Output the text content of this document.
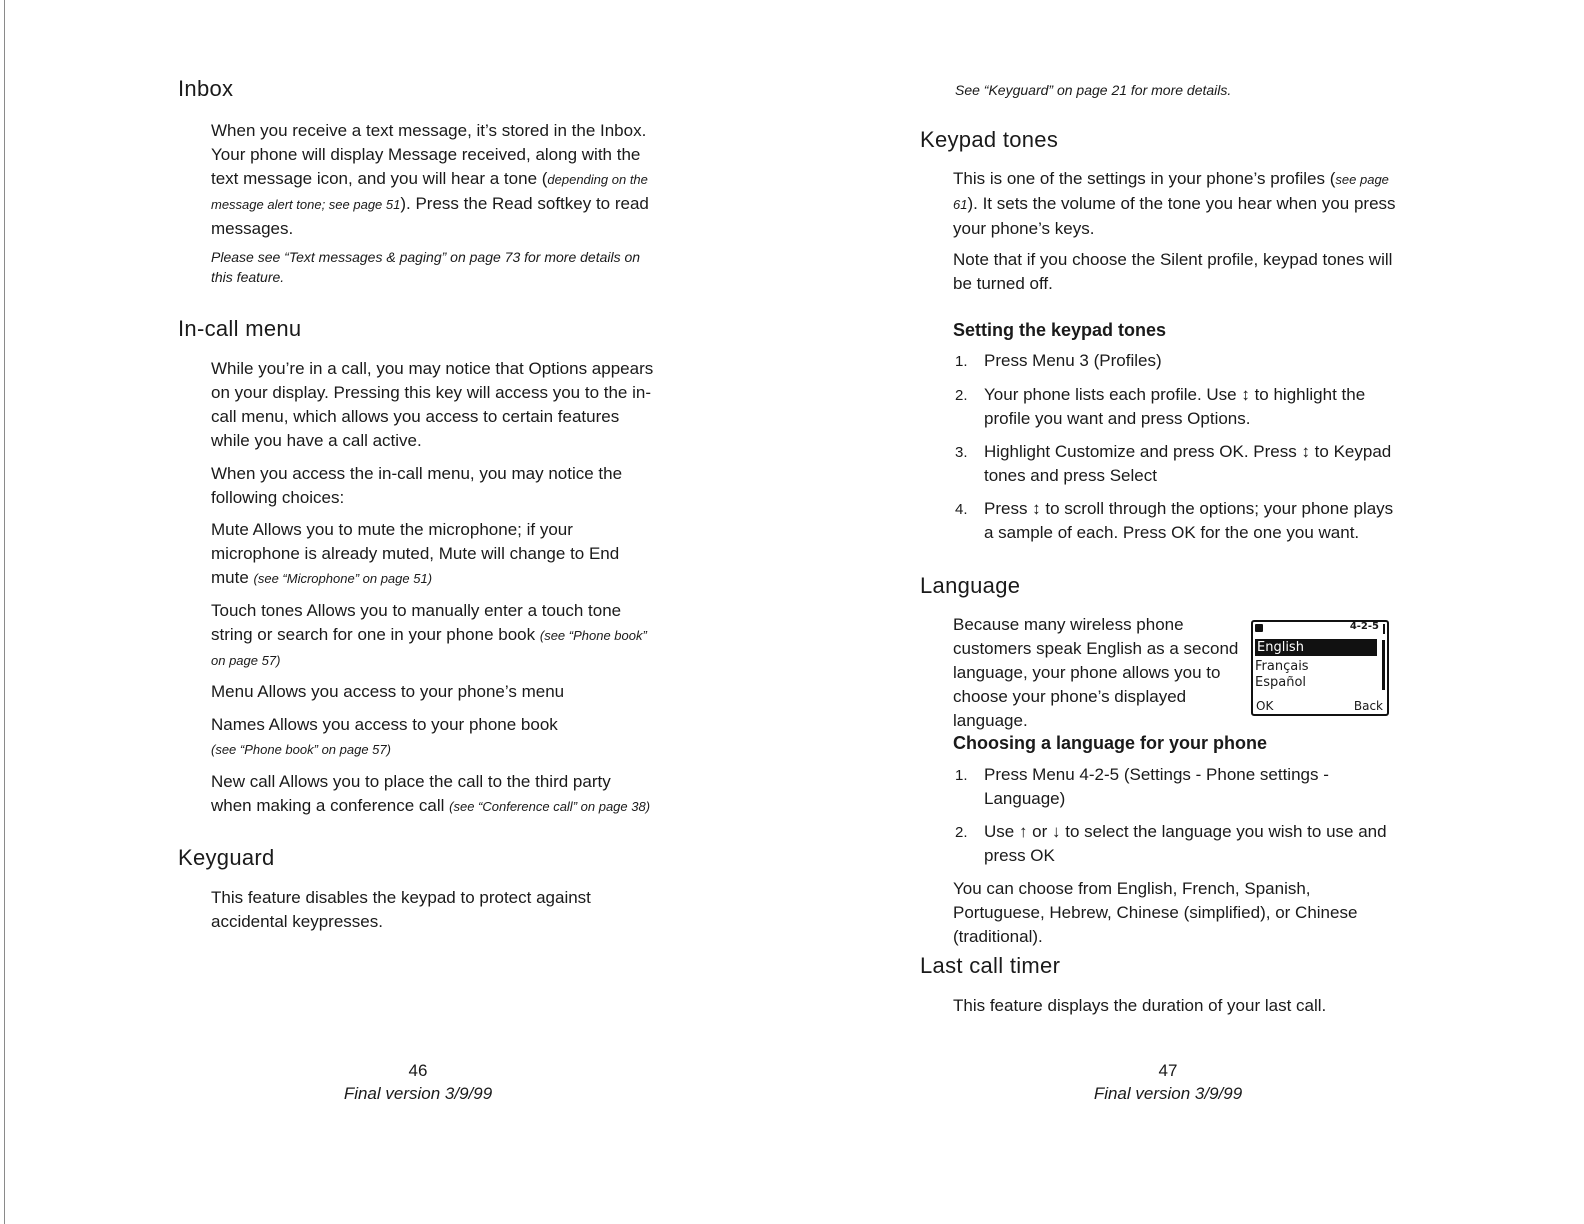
Inbox

When you receive a text message, it’s stored in the Inbox. Your phone will display Message received, along with the text message icon, and you will hear a tone (depending on the message alert tone; see page 51). Press the Read softkey to read messages.

Please see “Text messages & paging” on page 73 for more details on this feature.

In-call menu

While you’re in a call, you may notice that Options appears on your display. Pressing this key will access you to the in-call menu, which allows you access to certain features while you have a call active.

When you access the in-call menu, you may notice the following choices:

Mute Allows you to mute the microphone; if your microphone is already muted, Mute will change to End mute (see “Microphone” on page 51)

Touch tones Allows you to manually enter a touch tone string or search for one in your phone book (see “Phone book” on page 57)

Menu Allows you access to your phone’s menu

Names Allows you access to your phone book
(see “Phone book” on page 57)

New call Allows you to place the call to the third party when making a conference call (see “Conference call” on page 38)

Keyguard

This feature disables the keypad to protect against accidental keypresses.

46
Final version 3/9/99

See “Keyguard” on page 21 for more details.

Keypad tones

This is one of the settings in your phone’s profiles (see page 61). It sets the volume of the tone you hear when you press your phone’s keys.

Note that if you choose the Silent profile, keypad tones will be turned off.

Setting the keypad tones
1. Press Menu 3 (Profiles)

2. Your phone lists each profile. Use ↕ to highlight the profile you want and press Options.

3. Highlight Customize and press OK. Press ↕ to Keypad tones and press Select

4. Press ↕ to scroll through the options; your phone plays a sample of each. Press OK for the one you want.

Language

Because many wireless phone customers speak English as a second language, your phone allows you to choose your phone’s displayed language.

Choosing a language for your phone
1. Press Menu 4-2-5 (Settings - Phone settings - Language)

2. Use ↑ or ↓ to select the language you wish to use and press OK

You can choose from English, French, Spanish, Portuguese, Hebrew, Chinese (simplified), or Chinese (traditional).

Last call timer

This feature displays the duration of your last call.

47
Final version 3/9/99
4-2-5
English
Français
Español
OK	Back
